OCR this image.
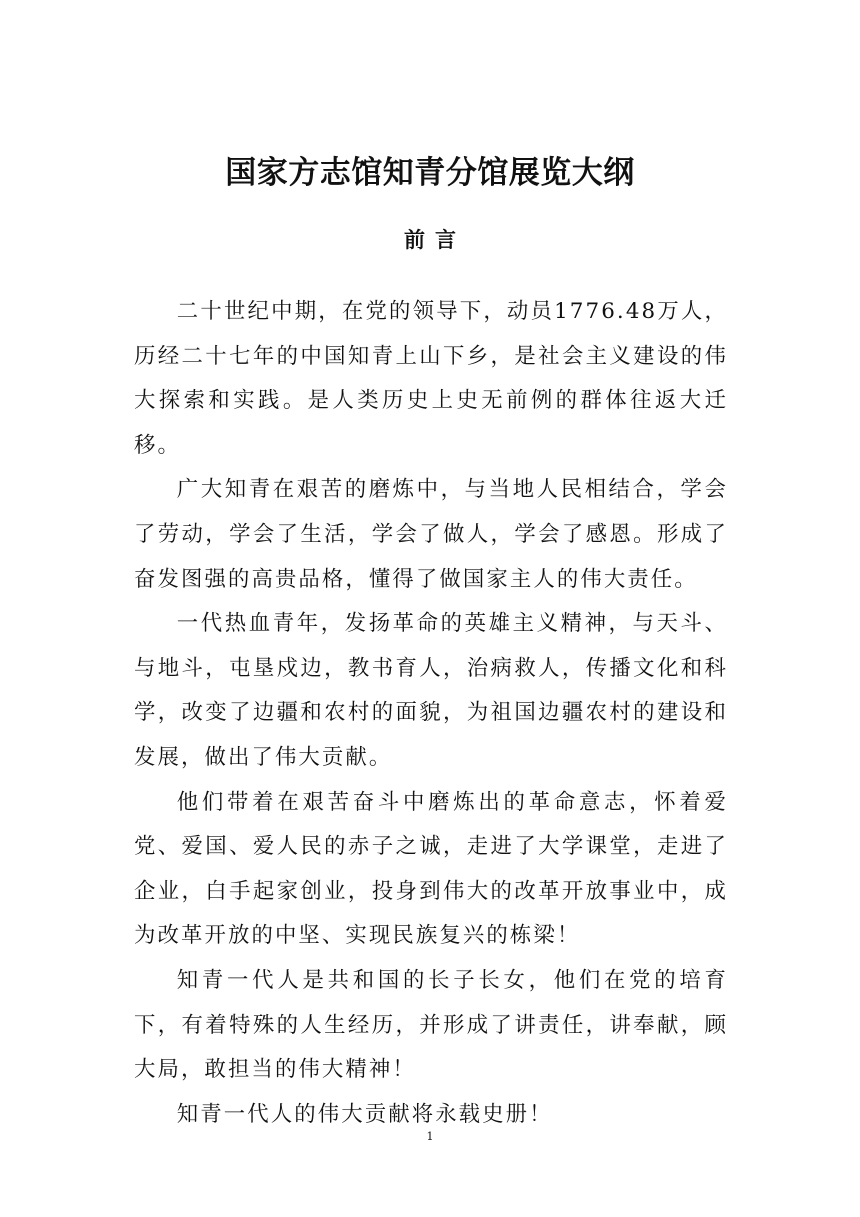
国家方志馆知青分馆展览大纲
前言

二十世纪中期，在党的领导下，动员1776.48万人，历经二十七年的中国知青上山下乡，是社会主义建设的伟大探索和实践。是人类历史上史无前例的群体往返大迁移。

广大知青在艰苦的磨炼中，与当地人民相结合，学会了劳动，学会了生活，学会了做人，学会了感恩。形成了奋发图强的高贵品格，懂得了做国家主人的伟大责任。

一代热血青年，发扬革命的英雄主义精神，与天斗、与地斗，屯垦戍边，教书育人，治病救人，传播文化和科学，改变了边疆和农村的面貌，为祖国边疆农村的建设和发展，做出了伟大贡献。

他们带着在艰苦奋斗中磨炼出的革命意志，怀着爱党、爱国、爱人民的赤子之诚，走进了大学课堂，走进了企业，白手起家创业，投身到伟大的改革开放事业中，成为改革开放的中坚、实现民族复兴的栋梁！

知青一代人是共和国的长子长女，他们在党的培育下，有着特殊的人生经历，并形成了讲责任，讲奉献，顾大局，敢担当的伟大精神！

知青一代人的伟大贡献将永载史册！

1
